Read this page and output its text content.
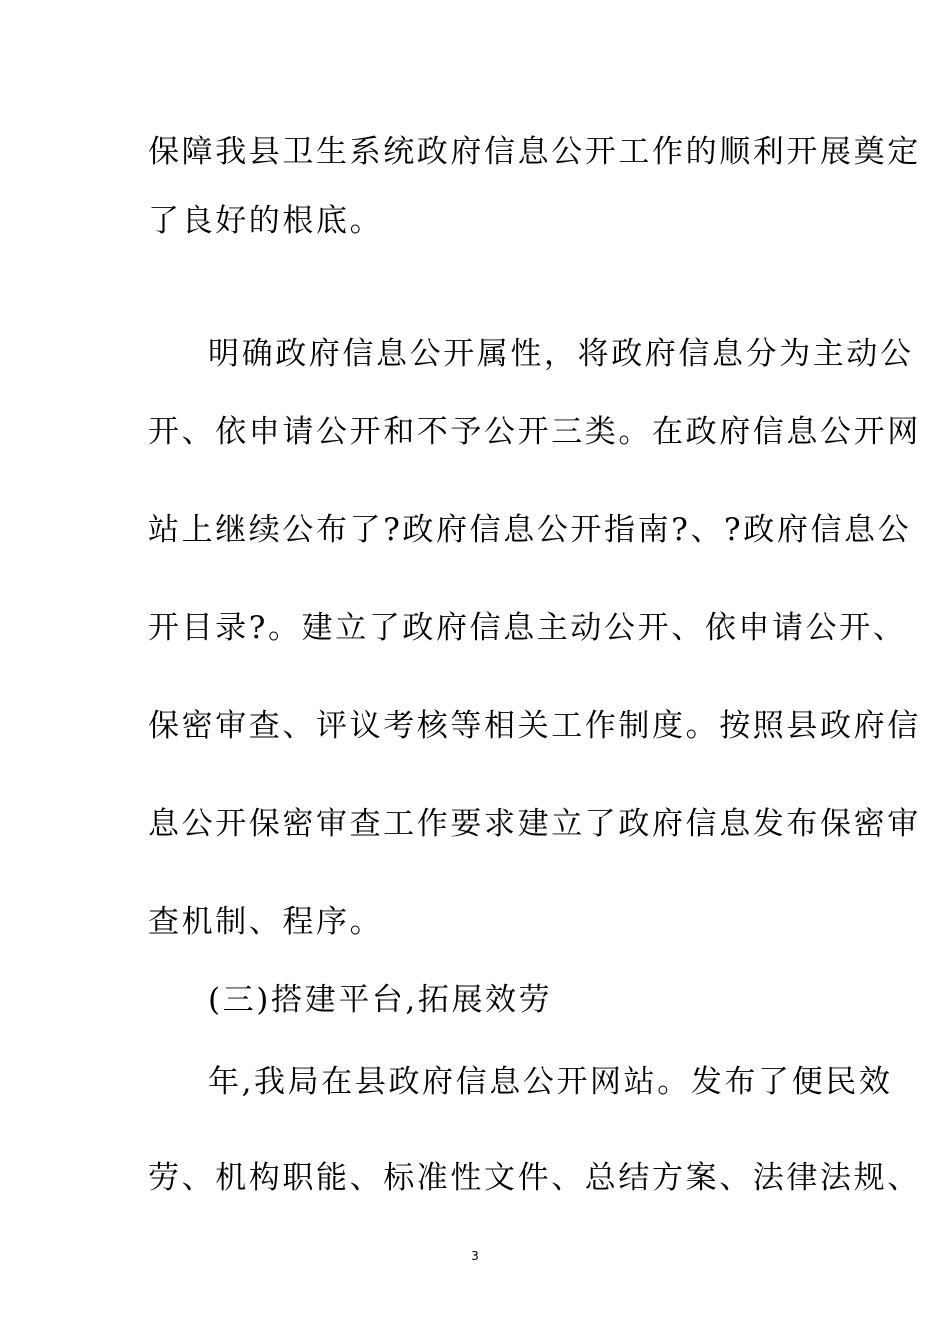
保障我县卫生系统政府信息公开工作的顺利开展奠定
了良好的根底。
明确政府信息公开属性，将政府信息分为主动公
开、依申请公开和不予公开三类。在政府信息公开网
站上继续公布了?政府信息公开指南?、?政府信息公
开目录?。建立了政府信息主动公开、依申请公开、
保密审查、评议考核等相关工作制度。按照县政府信
息公开保密审查工作要求建立了政府信息发布保密审
查机制、程序。
(三)搭建平台,拓展效劳
年,我局在县政府信息公开网站。发布了便民效
劳、机构职能、标准性文件、总结方案、法律法规、
3
